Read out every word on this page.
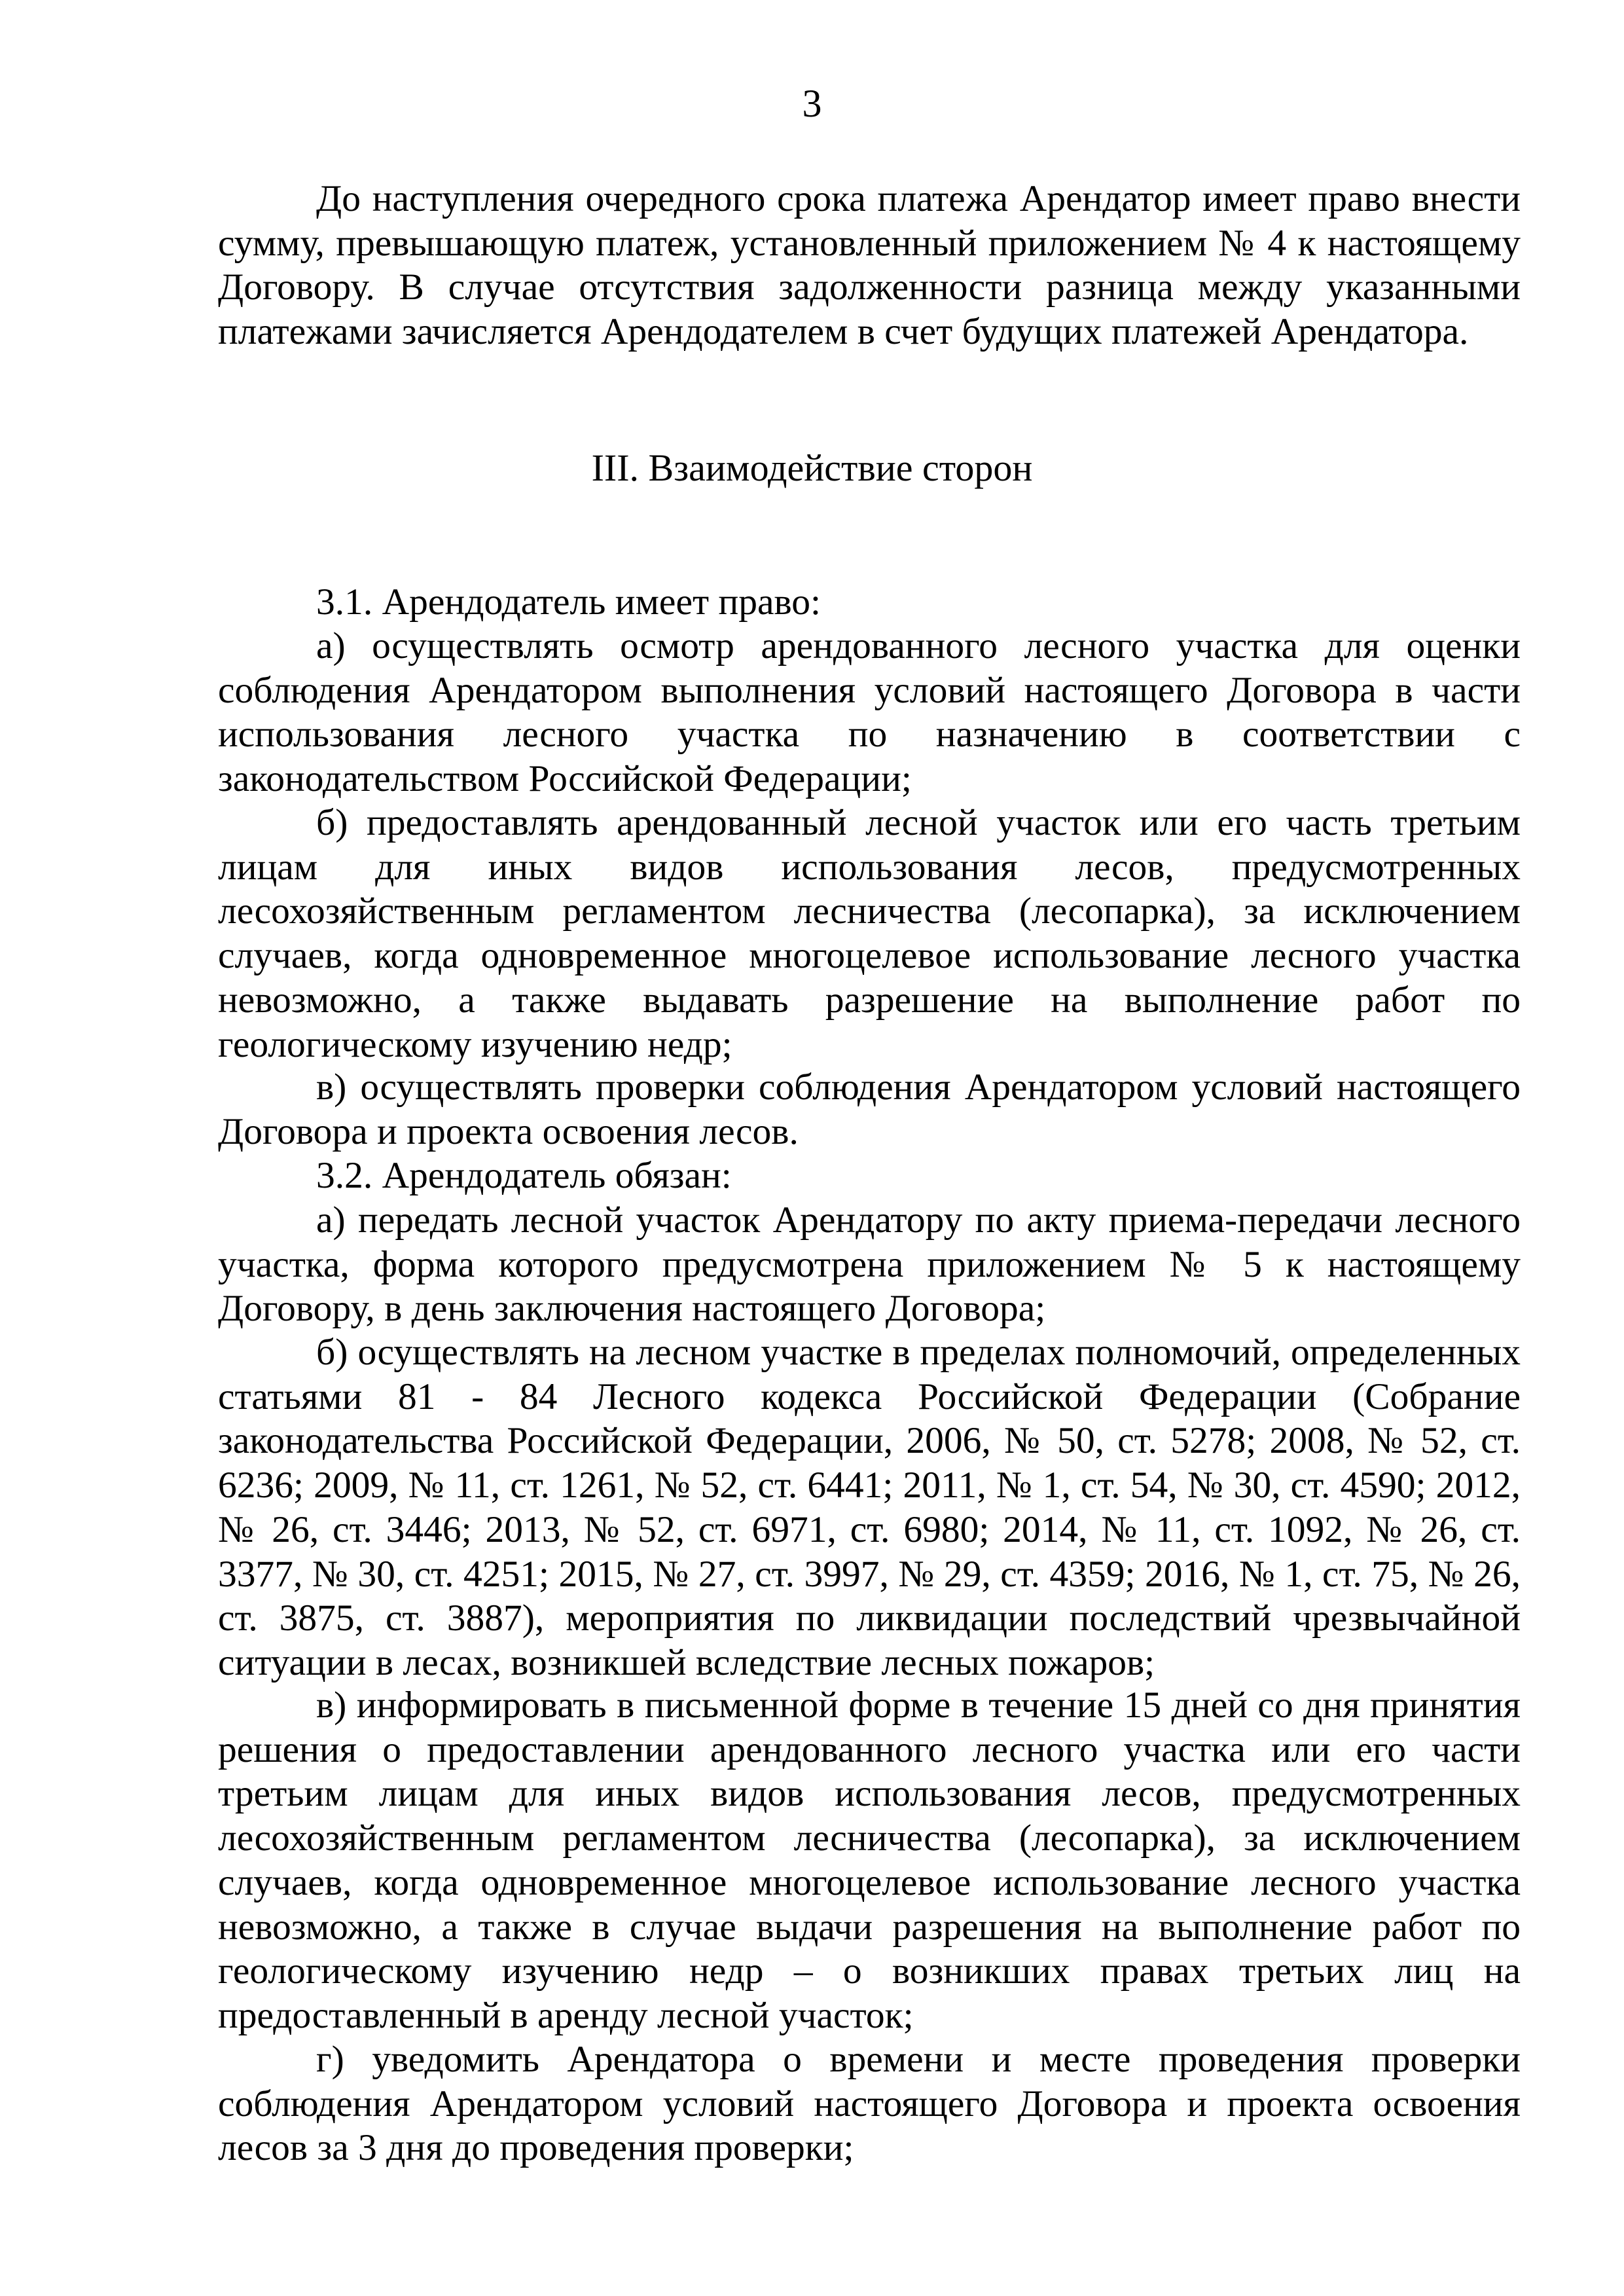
3

До наступления очередного срока платежа Арендатор имеет право внести сумму, превышающую платеж, установленный приложением № 4 к настоящему Договору. В случае отсутствия задолженности разница между указанными платежами зачисляется Арендодателем в счет будущих платежей Арендатора.

III. Взаимодействие сторон

3.1. Арендодатель имеет право:

а) осуществлять осмотр арендованного лесного участка для оценки соблюдения Арендатором выполнения условий настоящего Договора в части использования лесного участка по назначению в соответствии с законодательством Российской Федерации;

б) предоставлять арендованный лесной участок или его часть третьим лицам для иных видов использования лесов, предусмотренных лесохозяйственным регламентом лесничества (лесопарка), за исключением случаев, когда одновременное многоцелевое использование лесного участка невозможно, а также выдавать разрешение на выполнение работ по геологическому изучению недр;

в) осуществлять проверки соблюдения Арендатором условий настоящего Договора и проекта освоения лесов.

3.2. Арендодатель обязан:

а) передать лесной участок Арендатору по акту приема-передачи лесного участка, форма которого предусмотрена приложением № 5 к настоящему Договору, в день заключения настоящего Договора;

б) осуществлять на лесном участке в пределах полномочий, определенных статьями 81 - 84 Лесного кодекса Российской Федерации (Собрание законодательства Российской Федерации, 2006, № 50, ст. 5278; 2008, № 52, ст. 6236; 2009, № 11, ст. 1261, № 52, ст. 6441; 2011, № 1, ст. 54, № 30, ст. 4590; 2012, № 26, ст. 3446; 2013, № 52, ст. 6971, ст. 6980; 2014, № 11, ст. 1092, № 26, ст. 3377, № 30, ст. 4251; 2015, № 27, ст. 3997, № 29, ст. 4359; 2016, № 1, ст. 75, № 26, ст. 3875, ст. 3887), мероприятия по ликвидации последствий чрезвычайной ситуации в лесах, возникшей вследствие лесных пожаров;

в) информировать в письменной форме в течение 15 дней со дня принятия решения о предоставлении арендованного лесного участка или его части третьим лицам для иных видов использования лесов, предусмотренных лесохозяйственным регламентом лесничества (лесопарка), за исключением случаев, когда одновременное многоцелевое использование лесного участка невозможно, а также в случае выдачи разрешения на выполнение работ по геологическому изучению недр – о возникших правах третьих лиц на предоставленный в аренду лесной участок;

г) уведомить Арендатора о времени и месте проведения проверки соблюдения Арендатором условий настоящего Договора и проекта освоения лесов за 3 дня до проведения проверки;
